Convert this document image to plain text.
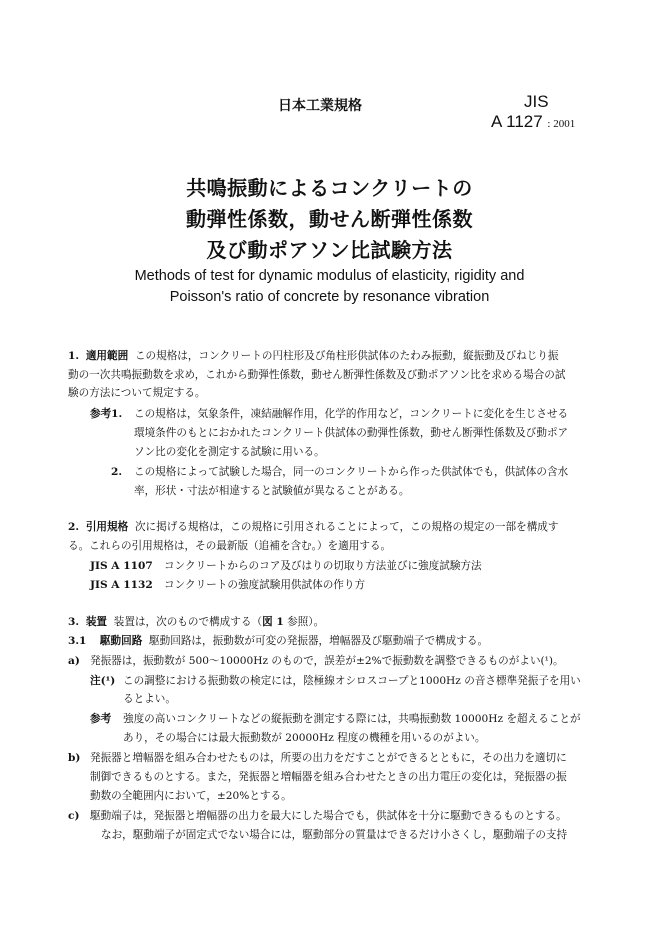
日本工業規格	JIS
A 1127 : 2001
共鳴振動によるコンクリートの
動弾性係数，動せん断弾性係数
及び動ポアソン比試験方法
Methods of test for dynamic modulus of elasticity, rigidity and
Poisson's ratio of concrete by resonance vibration
1. 適用範囲 この規格は，コンクリートの円柱形及び角柱形供試体のたわみ振動，縦振動及びねじり振
動の一次共鳴振動数を求め，これから動弾性係数，動せん断弾性係数及び動ポアソン比を求める場合の試
験の方法について規定する。
参考1. この規格は，気象条件，凍結融解作用，化学的作用など，コンクリートに変化を生じさせる
環境条件のもとにおかれたコンクリート供試体の動弾性係数，動せん断弾性係数及び動ポア
ソン比の変化を測定する試験に用いる。
2. この規格によって試験した場合，同一のコンクリートから作った供試体でも，供試体の含水
率，形状・寸法が相違すると試験値が異なることがある。
2. 引用規格 次に掲げる規格は，この規格に引用されることによって，この規格の規定の一部を構成す
る。これらの引用規格は，その最新版（追補を含む。）を適用する。
JIS A 1107 コンクリートからのコア及びはりの切取り方法並びに強度試験方法
JIS A 1132 コンクリートの強度試験用供試体の作り方
3. 装置 装置は，次のもので構成する（図 1 参照）。
3.1 駆動回路 駆動回路は，振動数が可変の発振器，増幅器及び駆動端子で構成する。
a) 発振器は，振動数が 500～10000Hz のもので，誤差が±2%で振動数を調整できるものがよい(¹)。
注(¹) この調整における振動数の検定には，陰極線オシロスコープと1000Hz の音さ標準発振子を用い
るとよい。
参考 強度の高いコンクリートなどの縦振動を測定する際には，共鳴振動数 10000Hz を超えることが
あり，その場合には最大振動数が 20000Hz 程度の機種を用いるのがよい。
b) 発振器と増幅器を組み合わせたものは，所要の出力をだすことができるとともに，その出力を適切に
制御できるものとする。また，発振器と増幅器を組み合わせたときの出力電圧の変化は，発振器の振
動数の全範囲内において，±20%とする。
c) 駆動端子は，発振器と増幅器の出力を最大にした場合でも，供試体を十分に駆動できるものとする。
なお，駆動端子が固定式でない場合には，駆動部分の質量はできるだけ小さくし，駆動端子の支持
